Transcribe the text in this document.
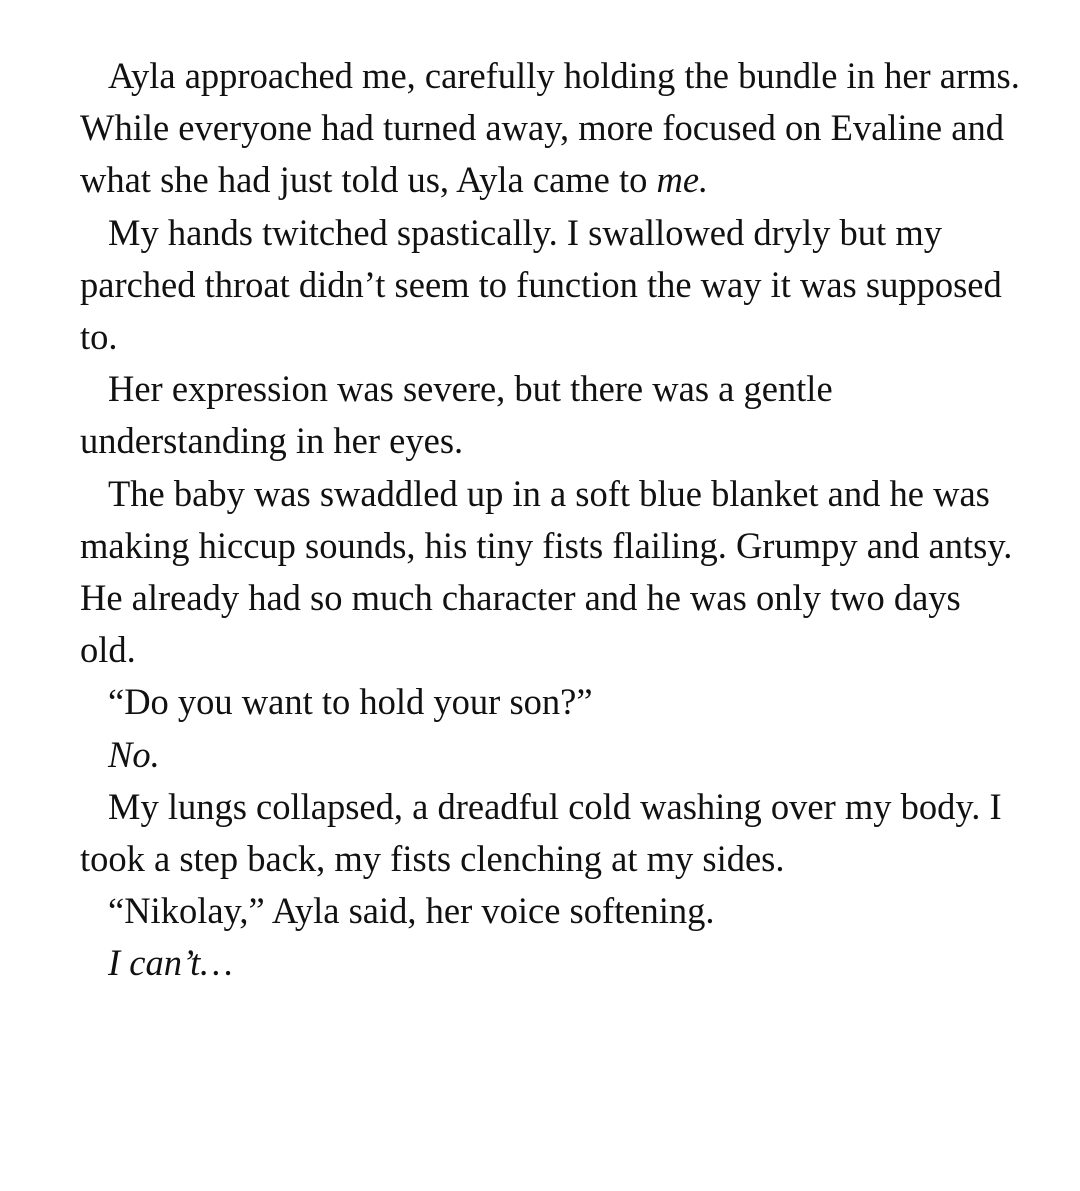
Ayla approached me, carefully holding the bundle in her arms. While everyone had turned away, more focused on Evaline and what she had just told us, Ayla came to me.

My hands twitched spastically. I swallowed dryly but my parched throat didn’t seem to function the way it was supposed to.

Her expression was severe, but there was a gentle understanding in her eyes.

The baby was swaddled up in a soft blue blanket and he was making hiccup sounds, his tiny fists flailing. Grumpy and antsy. He already had so much character and he was only two days old.

“Do you want to hold your son?”

No.

My lungs collapsed, a dreadful cold washing over my body. I took a step back, my fists clenching at my sides.

“Nikolay,” Ayla said, her voice softening.

I can’t…
